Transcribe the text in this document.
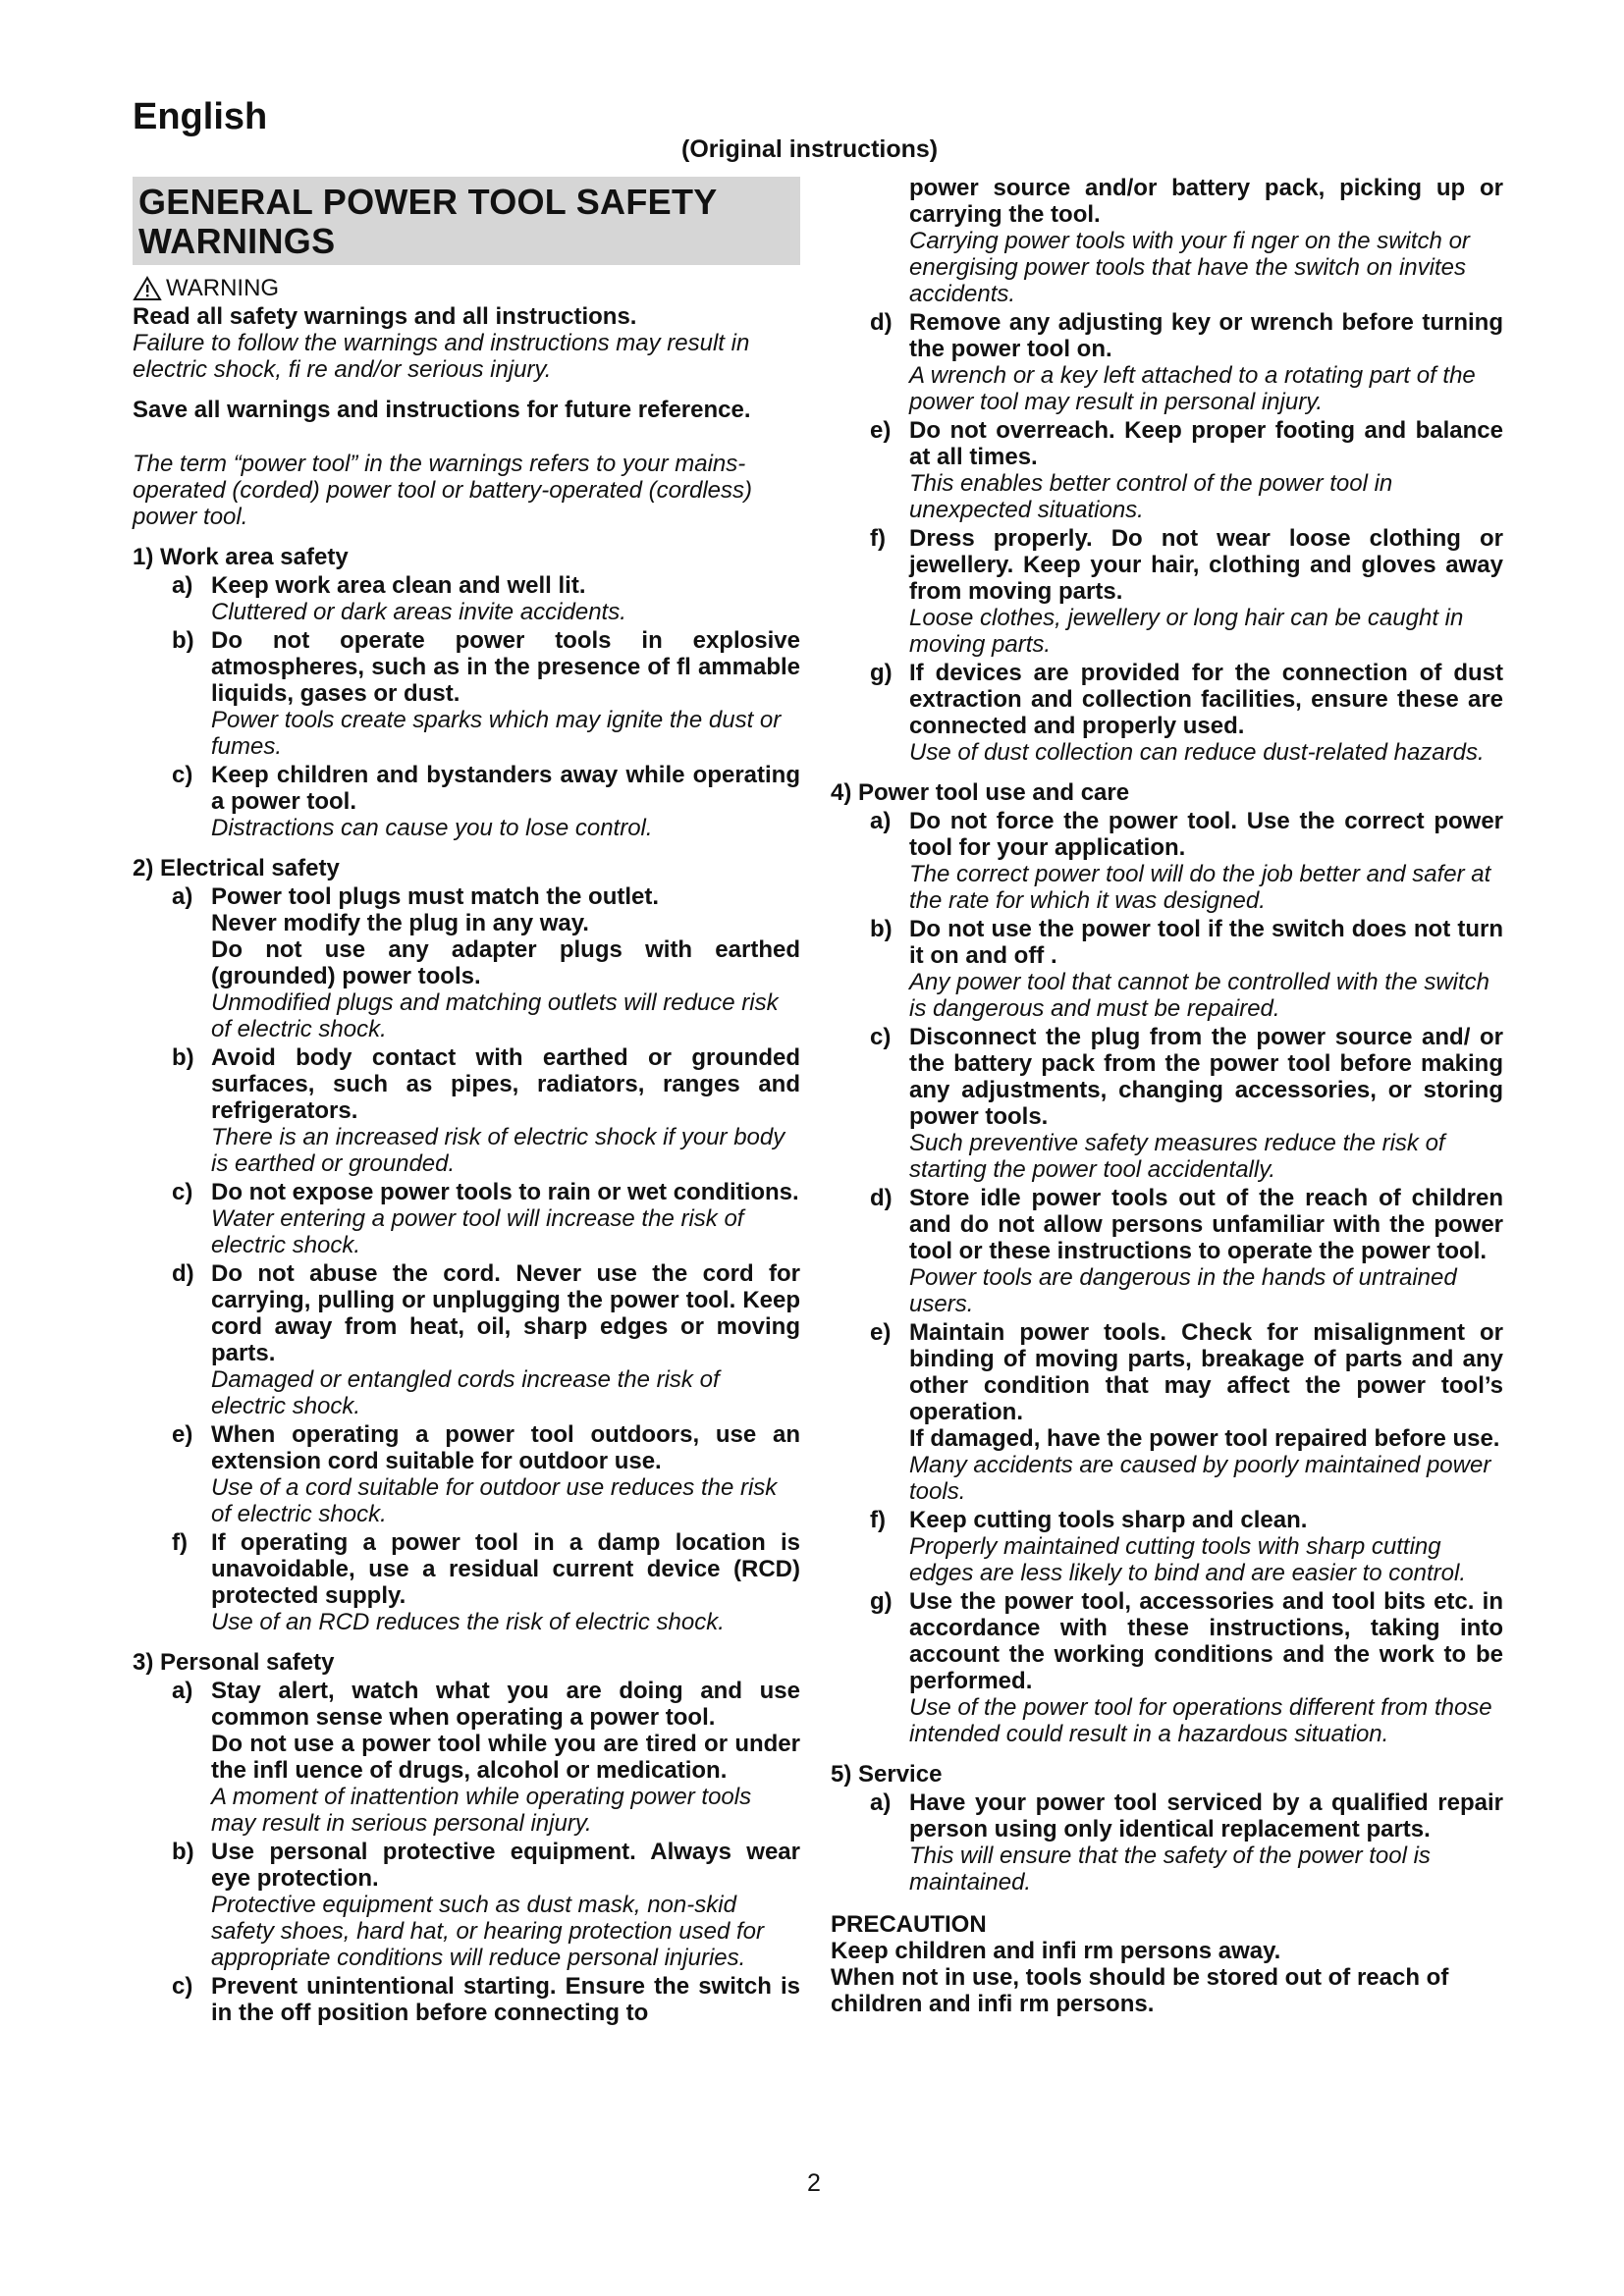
English
(Original instructions)
GENERAL POWER TOOL SAFETY WARNINGS
WARNING

Read all safety warnings and all instructions.

Failure to follow the warnings and instructions may result in electric shock, fi re and/or serious injury.

Save all warnings and instructions for future reference.

The term “power tool” in the warnings refers to your mains-operated (corded) power tool or battery-operated (cordless) power tool.

1) Work area safety
a) Keep work area clean and well lit.

Cluttered or dark areas invite accidents.

b) Do not operate power tools in explosive atmospheres, such as in the presence of fl ammable liquids, gases or dust.

Power tools create sparks which may ignite the dust or fumes.

c) Keep children and bystanders away while operating a power tool.

Distractions can cause you to lose control.

2) Electrical safety
a) Power tool plugs must match the outlet.

Never modify the plug in any way.

Do not use any adapter plugs with earthed (grounded) power tools.

Unmodified plugs and matching outlets will reduce risk of electric shock.

b) Avoid body contact with earthed or grounded surfaces, such as pipes, radiators, ranges and refrigerators.

There is an increased risk of electric shock if your body is earthed or grounded.

c) Do not expose power tools to rain or wet conditions.

Water entering a power tool will increase the risk of electric shock.

d) Do not abuse the cord. Never use the cord for carrying, pulling or unplugging the power tool. Keep cord away from heat, oil, sharp edges or moving parts.

Damaged or entangled cords increase the risk of electric shock.

e) When operating a power tool outdoors, use an extension cord suitable for outdoor use.

Use of a cord suitable for outdoor use reduces the risk of electric shock.

f)	If operating a power tool in a damp location is unavoidable, use a residual current device (RCD) protected supply.

Use of an RCD reduces the risk of electric shock.

3) Personal safety
a) Stay alert, watch what you are doing and use common sense when operating a power tool.

Do not use a power tool while you are tired or under the infl uence of drugs, alcohol or medication.

A moment of inattention while operating power tools may result in serious personal injury.

b) Use personal protective equipment. Always wear eye protection.

Protective equipment such as dust mask, non-skid safety shoes, hard hat, or hearing protection used for appropriate conditions will reduce personal injuries.

c) Prevent unintentional starting. Ensure the switch is in the off position before connecting to

power source and/or battery pack, picking up or carrying the tool.

Carrying power tools with your fi nger on the switch or energising power tools that have the switch on invites accidents.

d) Remove any adjusting key or wrench before turning the power tool on.

A wrench or a key left attached to a rotating part of the power tool may result in personal injury.

e) Do not overreach. Keep proper footing and balance at all times.

This enables better control of the power tool in unexpected situations.

f)	Dress properly. Do not wear loose clothing or jewellery. Keep your hair, clothing and gloves away from moving parts.

Loose clothes, jewellery or long hair can be caught in moving parts.

g) If devices are provided for the connection of dust extraction and collection facilities, ensure these are connected and properly used.

Use of dust collection can reduce dust-related hazards.

4) Power tool use and care
a) Do not force the power tool. Use the correct power tool for your application.

The correct power tool will do the job better and safer at the rate for which it was designed.

b) Do not use the power tool if the switch does not turn it on and off .

Any power tool that cannot be controlled with the switch is dangerous and must be repaired.

c) Disconnect the plug from the power source and/ or the battery pack from the power tool before making any adjustments, changing accessories, or storing power tools.

Such preventive safety measures reduce the risk of starting the power tool accidentally.

d) Store idle power tools out of the reach of children and do not allow persons unfamiliar with the power tool or these instructions to operate the power tool.

Power tools are dangerous in the hands of untrained users.

e) Maintain power tools. Check for misalignment or binding of moving parts, breakage of parts and any other condition that may affect the power tool’s operation.

If damaged, have the power tool repaired before use.

Many accidents are caused by poorly maintained power tools.

f)	Keep cutting tools sharp and clean.

Properly maintained cutting tools with sharp cutting edges are less likely to bind and are easier to control.

g) Use the power tool, accessories and tool bits etc. in accordance with these instructions, taking into account the working conditions and the work to be performed.

Use of the power tool for operations different from those intended could result in a hazardous situation.

5) Service
a) Have your power tool serviced by a qualified repair person using only identical replacement parts.

This will ensure that the safety of the power tool is maintained.

PRECAUTION

Keep children and infi rm persons away.

When not in use, tools should be stored out of reach of children and infi rm persons.

2
